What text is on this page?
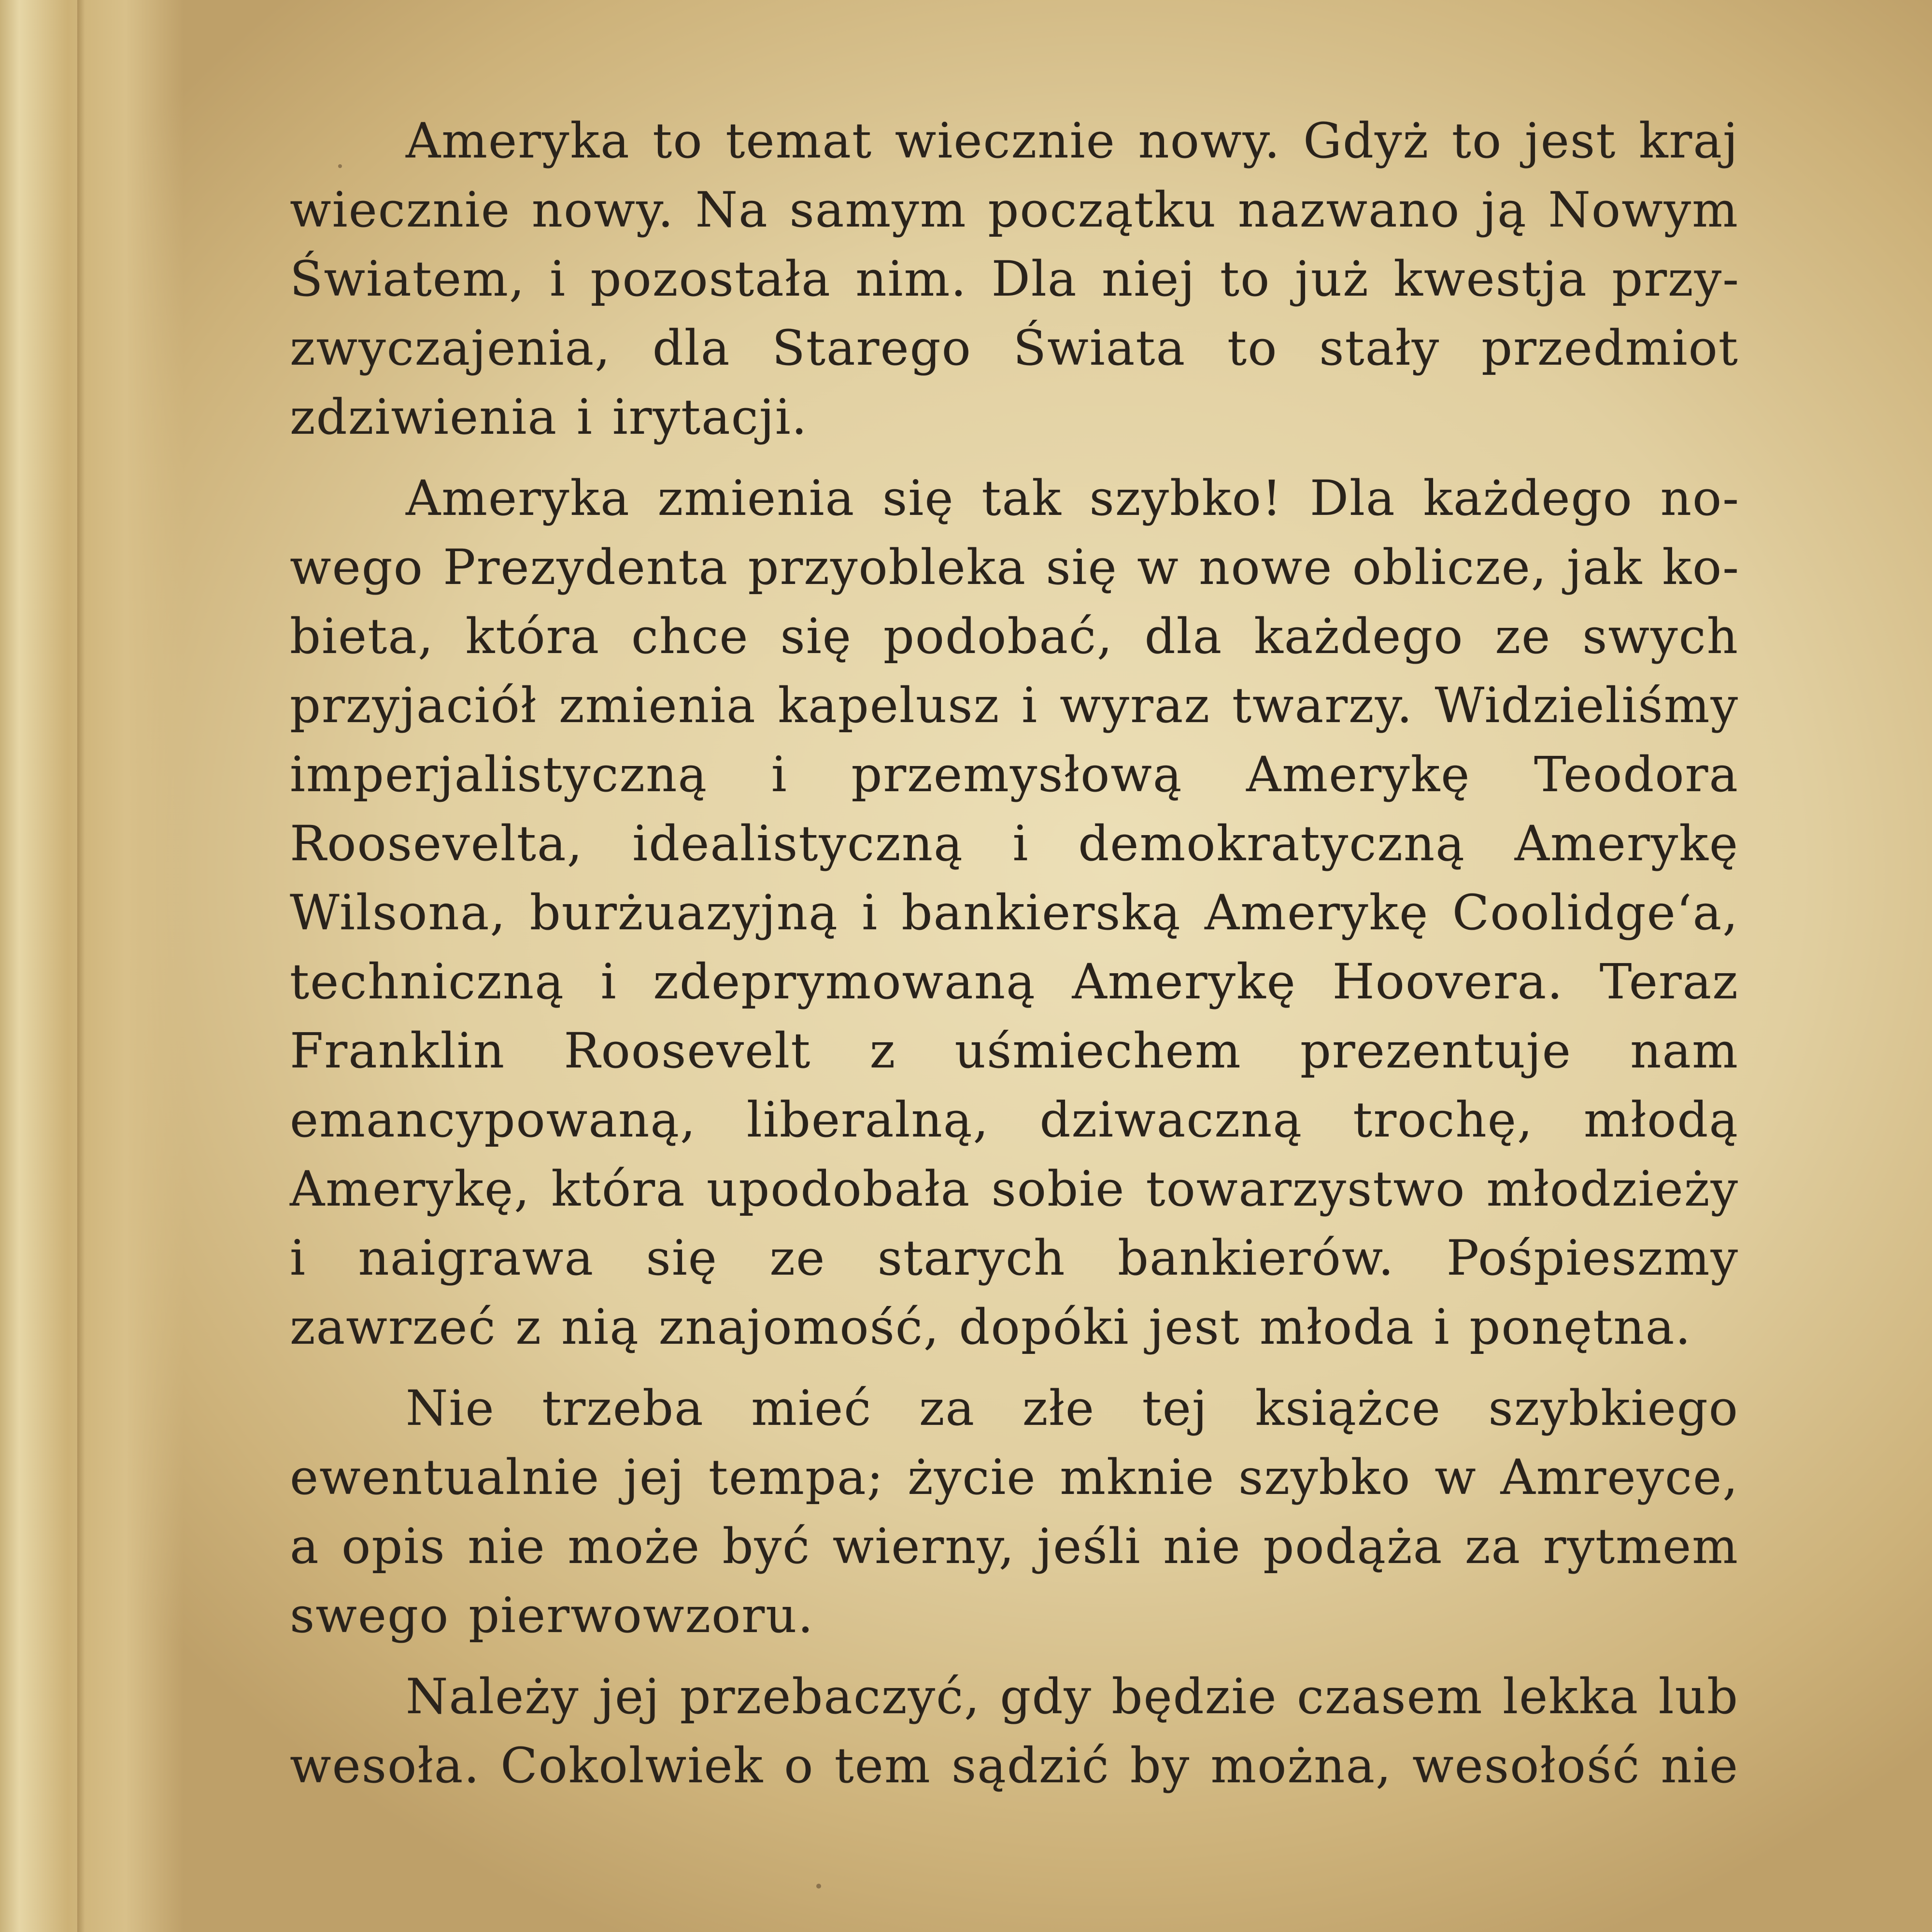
Ameryka to temat wiecznie nowy. Gdyż to jest kraj wiecznie nowy. Na samym początku nazwano ją Nowym Światem, i pozostała nim. Dla niej to już kwestja przyzwyczajenia, dla Starego Świata to stały przedmiot zdziwienia i irytacji.

Ameryka zmienia się tak szybko! Dla każdego nowego Prezydenta przyoblekа się w nowe oblicze, jak kobieta, która chce się podobać, dla każdego ze swych przyjaciół zmienia kapelusz i wyraz twarzy. Widzieliśmy imperjalistyczną i przemysłową Amerykę Teodora Roosevelta, idealistyczną i demokratyczną Amerykę Wilsona, burżuazyjną i bankierską Amerykę Coolidge‘a, techniczną i zdeprymowaną Amerykę Hoovera. Teraz Franklin Roosevelt z uśmiechem prezentuje nam emancypowaną, liberalną, dziwaczną trochę, młodą Amerykę, która upodobała sobie towarzystwo młodzieży i naigrawa się ze starych bankierów. Pośpieszmy zawrzeć z nią znajomość, dopóki jest młoda i ponętna.

Nie trzeba mieć za złe tej książce szybkiego ewentualnie jej tempa; życie mknie szybko w Amreyce, a opis nie może być wierny, jeśli nie podąża za rytmem swego pierwowzoru.

Należy jej przebaczyć, gdy będzie czasem lekka lub wesoła. Cokolwiek o tem sądzić by można, wesołość nie
